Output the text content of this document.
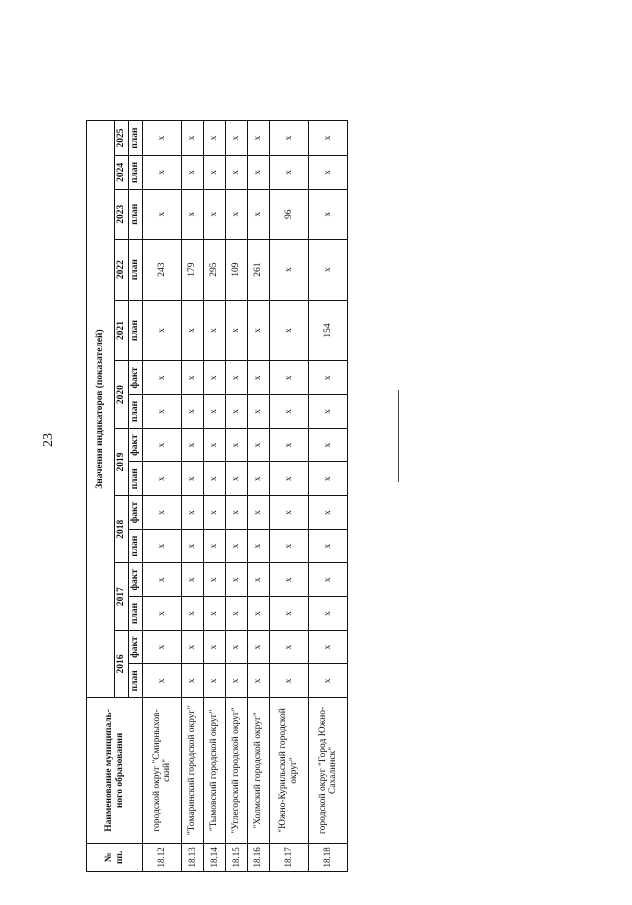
23
№ пп.	Наименование муниципаль-ного образования	Значения индикаторов (показателей)														
		2016		2017		2018		2019		2020		2021	2022	2023	2024	2025
		план	факт	план	факт	план	факт	план	факт	план	факт	план	план	план	план	план
18.12	городской округ "Смирныхов-ский"	x	x	x	x	x	x	x	x	x	x	x	243	x	x	x
18.13	"Томаринский городской округ"	x	x	x	x	x	x	x	x	x	x	x	179	x	x	x
18.14	"Тымовский городской округ"	x	x	x	x	x	x	x	x	x	x	x	295	x	x	x
18.15	"Углегорский городской округ"	x	x	x	x	x	x	x	x	x	x	x	109	x	x	x
18.16	"Холмский городской округ"	x	x	x	x	x	x	x	x	x	x	x	261	x	x	x
18.17	"Южно-Курильский городской округ"	x	x	x	x	x	x	x	x	x	x	x	x	96	x	x
18.18	городской округ "Город Южно-Сахалинск"	x	x	x	x	x	x	x	x	x	x	154	x	x	x	x
